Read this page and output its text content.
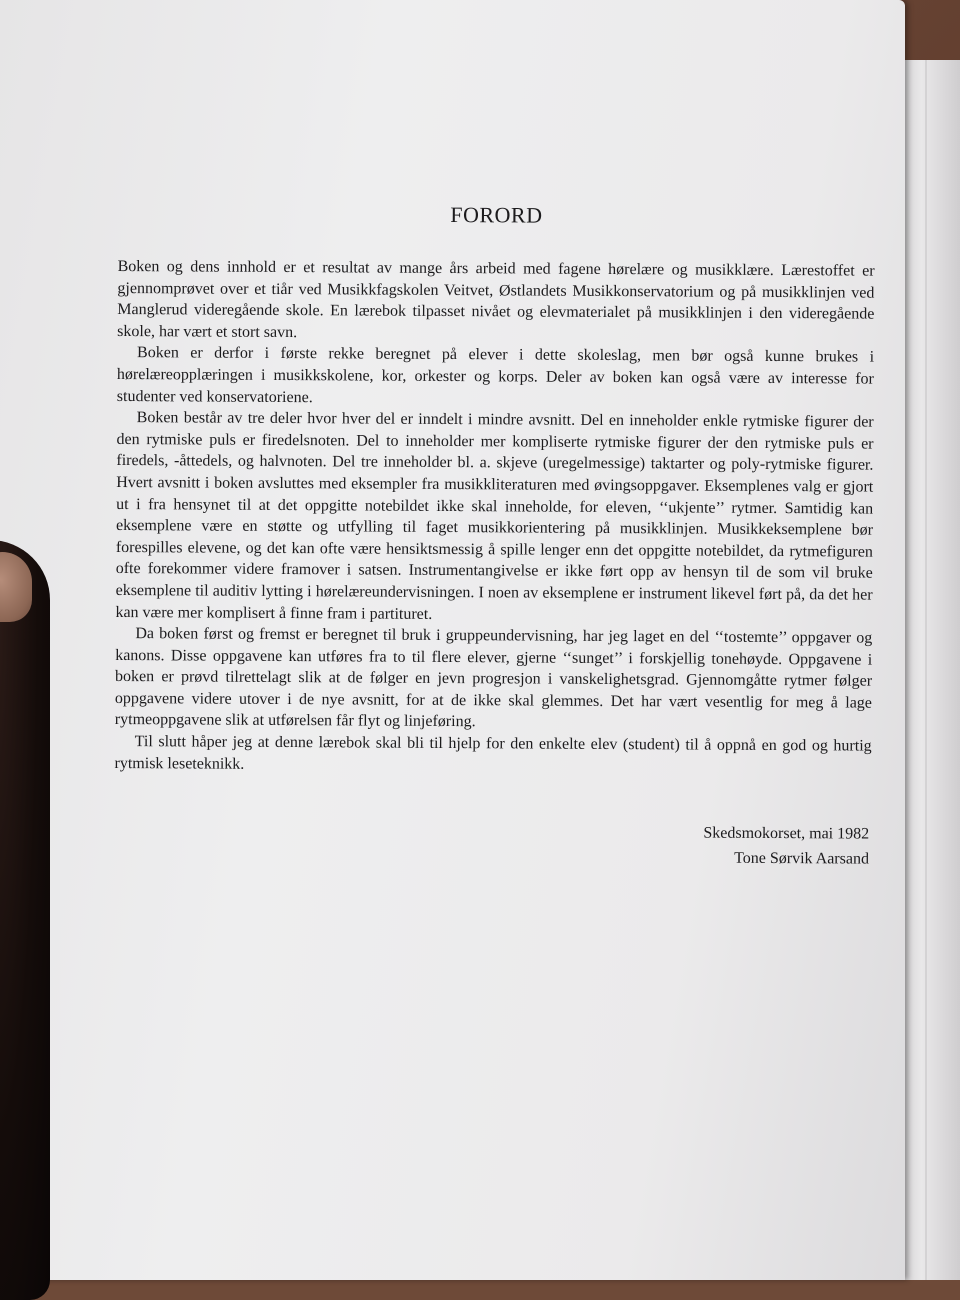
FORORD

Boken og dens innhold er et resultat av mange års arbeid med fagene hørelære og musikklære. Lærestoffet er gjennomprøvet over et tiår ved Musikkfagskolen Veitvet, Østlandets Musikkonservatorium og på musikklinjen ved Manglerud videregående skole. En lærebok tilpasset nivået og elevmaterialet på musikklinjen i den videregående skole, har vært et stort savn.

Boken er derfor i første rekke beregnet på elever i dette skoleslag, men bør også kunne brukes i hørelæreopplæringen i musikkskolene, kor, orkester og korps. Deler av boken kan også være av interesse for studenter ved konservatoriene.

Boken består av tre deler hvor hver del er inndelt i mindre avsnitt. Del en inneholder enkle rytmiske figurer der den rytmiske puls er firedelsnoten. Del to inneholder mer kompliserte rytmiske figurer der den rytmiske puls er firedels, -åttedels, og halvnoten. Del tre inneholder bl. a. skjeve (uregelmessige) taktarter og poly-rytmiske figurer. Hvert avsnitt i boken avsluttes med eksempler fra musikkliteraturen med øvingsoppgaver. Eksemplenes valg er gjort ut i fra hensynet til at det oppgitte notebildet ikke skal inneholde, for eleven, ‘‘ukjente’’ rytmer. Samtidig kan eksemplene være en støtte og utfylling til faget musikkorientering på musikklinjen. Musikkeksemplene bør forespilles elevene, og det kan ofte være hensiktsmessig å spille lenger enn det oppgitte notebildet, da rytmefiguren ofte forekommer videre framover i satsen. Instrumentangivelse er ikke ført opp av hensyn til de som vil bruke eksemplene til auditiv lytting i hørelæreundervisningen. I noen av eksemplene er instrument likevel ført på, da det her kan være mer komplisert å finne fram i partituret.

Da boken først og fremst er beregnet til bruk i gruppeundervisning, har jeg laget en del ‘‘tostemte’’ oppgaver og kanons. Disse oppgavene kan utføres fra to til flere elever, gjerne ‘‘sunget’’ i forskjellig tonehøyde. Oppgavene i boken er prøvd tilrettelagt slik at de følger en jevn progresjon i vanskelighetsgrad. Gjennomgåtte rytmer følger oppgavene videre utover i de nye avsnitt, for at de ikke skal glemmes. Det har vært vesentlig for meg å lage rytmeoppgavene slik at utførelsen får flyt og linjeføring.

Til slutt håper jeg at denne lærebok skal bli til hjelp for den enkelte elev (student) til å oppnå en god og hurtig rytmisk leseteknikk.

Skedsmokorset, mai 1982
Tone Sørvik Aarsand
